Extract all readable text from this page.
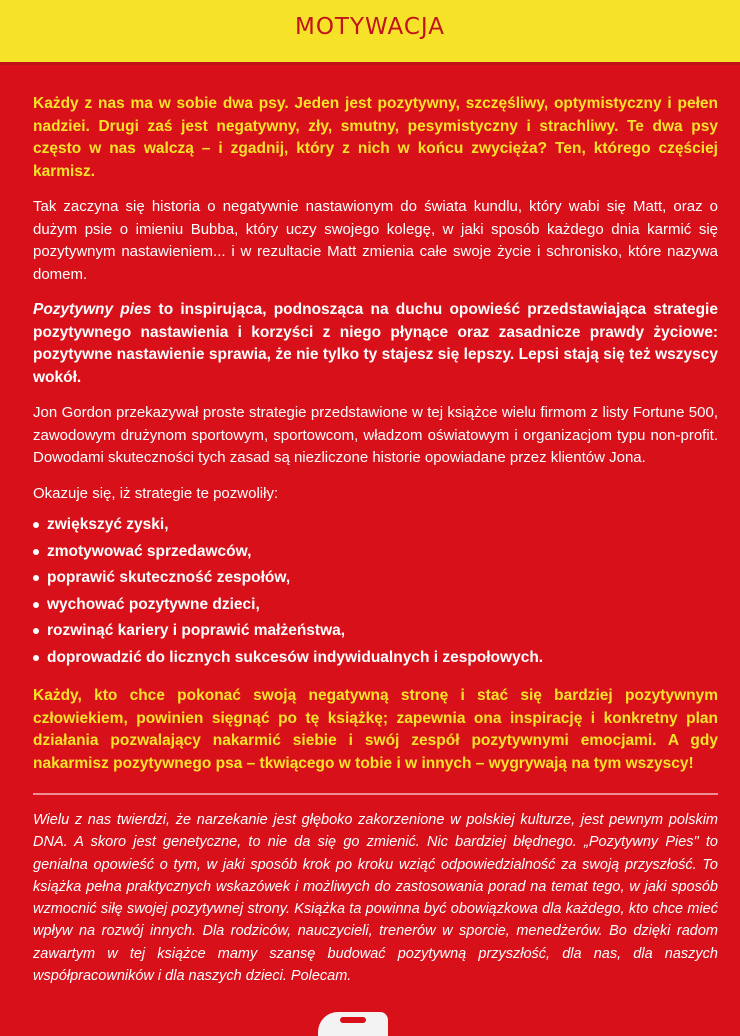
MOTYWACJA

Każdy z nas ma w sobie dwa psy. Jeden jest pozytywny, szczęśliwy, optymistyczny i pełen nadziei. Drugi zaś jest negatywny, zły, smutny, pesymistyczny i strachliwy. Te dwa psy często w nas walczą – i zgadnij, który z nich w końcu zwycięża? Ten, którego częściej karmisz.

Tak zaczyna się historia o negatywnie nastawionym do świata kundlu, który wabi się Matt, oraz o dużym psie o imieniu Bubba, który uczy swojego kolegę, w jaki sposób każdego dnia karmić się pozytywnym nastawieniem... i w rezultacie Matt zmienia całe swoje życie i schronisko, które nazywa domem.

Pozytywny pies to inspirująca, podnosząca na duchu opowieść przedstawiająca strategie pozytywnego nastawienia i korzyści z niego płynące oraz zasadnicze prawdy życiowe: pozytywne nastawienie sprawia, że nie tylko ty stajesz się lepszy. Lepsi stają się też wszyscy wokół.

Jon Gordon przekazywał proste strategie przedstawione w tej książce wielu firmom z listy Fortune 500, zawodowym drużynom sportowym, sportowcom, władzom oświatowym i organizacjom typu non-profit. Dowodami skuteczności tych zasad są niezliczone historie opowiadane przez klientów Jona.

Okazuje się, iż strategie te pozwoliły:

zwiększyć zyski,
zmotywować sprzedawców,
poprawić skuteczność zespołów,
wychować pozytywne dzieci,
rozwinąć kariery i poprawić małżeństwa,
doprowadzić do licznych sukcesów indywidualnych i zespołowych.

Każdy, kto chce pokonać swoją negatywną stronę i stać się bardziej pozytywnym człowiekiem, powinien sięgnąć po tę książkę; zapewnia ona inspirację i konkretny plan działania pozwalający nakarmić siebie i swój zespół pozytywnymi emocjami. A gdy nakarmisz pozytywnego psa – tkwiącego w tobie i w innych – wygrywają na tym wszyscy!

Wielu z nas twierdzi, że narzekanie jest głęboko zakorzenione w polskiej kulturze, jest pewnym polskim DNA. A skoro jest genetyczne, to nie da się go zmienić. Nic bardziej błędnego. „Pozytywny Pies" to genialna opowieść o tym, w jaki sposób krok po kroku wziąć odpowiedzialność za swoją przyszłość. To książka pełna praktycznych wskazówek i możliwych do zastosowania porad na temat tego, w jaki sposób wzmocnić siłę swojej pozytywnej strony. Książka ta powinna być obowiązkowa dla każdego, kto chce mieć wpływ na rozwój innych. Dla rodziców, nauczycieli, trenerów w sporcie, menedżerów. Bo dzięki radom zawartym w tej książce mamy szansę budować pozytywną przyszłość, dla nas, dla naszych współpracowników i dla naszych dzieci. Polecam.
